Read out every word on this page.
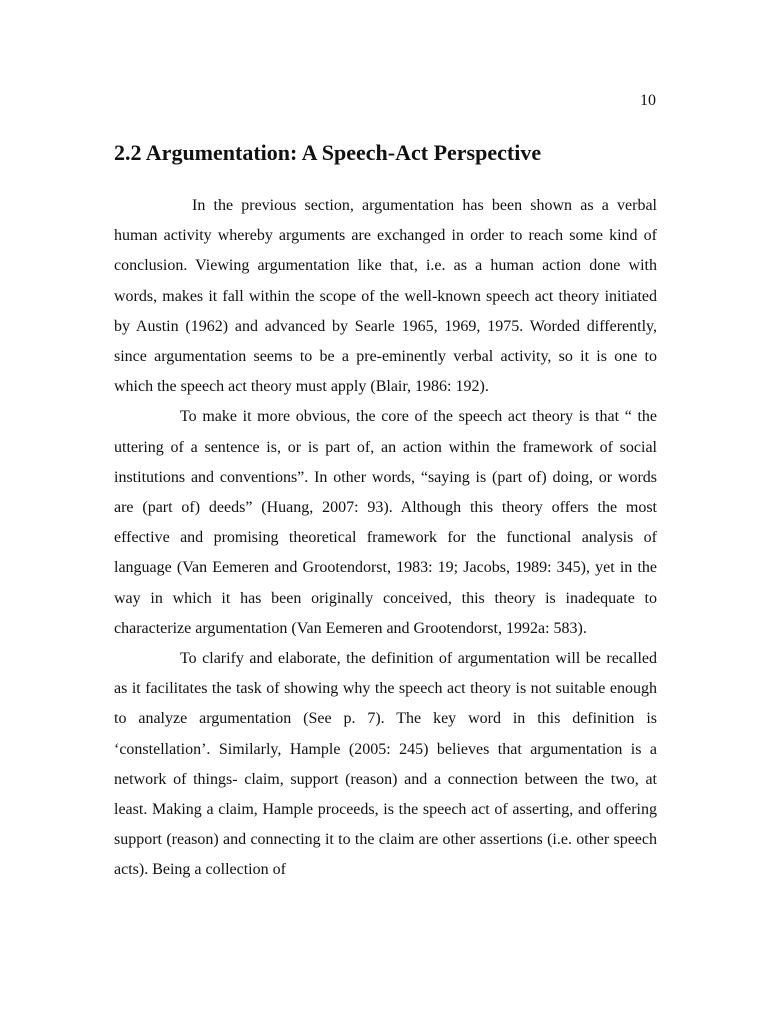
10
2.2 Argumentation: A Speech-Act Perspective

In the previous section, argumentation has been shown as a verbal human activity whereby arguments are exchanged in order to reach some kind of conclusion. Viewing argumentation like that, i.e. as a human action done with words, makes it fall within the scope of the well-known speech act theory initiated by Austin (1962) and advanced by Searle 1965, 1969, 1975. Worded differently, since argumentation seems to be a pre-eminently verbal activity, so it is one to which the speech act theory must apply (Blair, 1986: 192).

To make it more obvious, the core of the speech act theory is that “ the uttering of a sentence is, or is part of, an action within the framework of social institutions and conventions”. In other words, “saying is (part of) doing, or words are (part of) deeds” (Huang, 2007: 93). Although this theory offers the most effective and promising theoretical framework for the functional analysis of language (Van Eemeren and Grootendorst, 1983: 19; Jacobs, 1989: 345), yet in the way in which it has been originally conceived, this theory is inadequate to characterize argumentation (Van Eemeren and Grootendorst, 1992a: 583).

To clarify and elaborate, the definition of argumentation will be recalled as it facilitates the task of showing why the speech act theory is not suitable enough to analyze argumentation (See p. 7). The key word in this definition is ‘constellation’. Similarly, Hample (2005: 245) believes that argumentation is a network of things- claim, support (reason) and a connection between the two, at least. Making a claim, Hample proceeds, is the speech act of asserting, and offering support (reason) and connecting it to the claim are other assertions (i.e. other speech acts). Being a collection of
